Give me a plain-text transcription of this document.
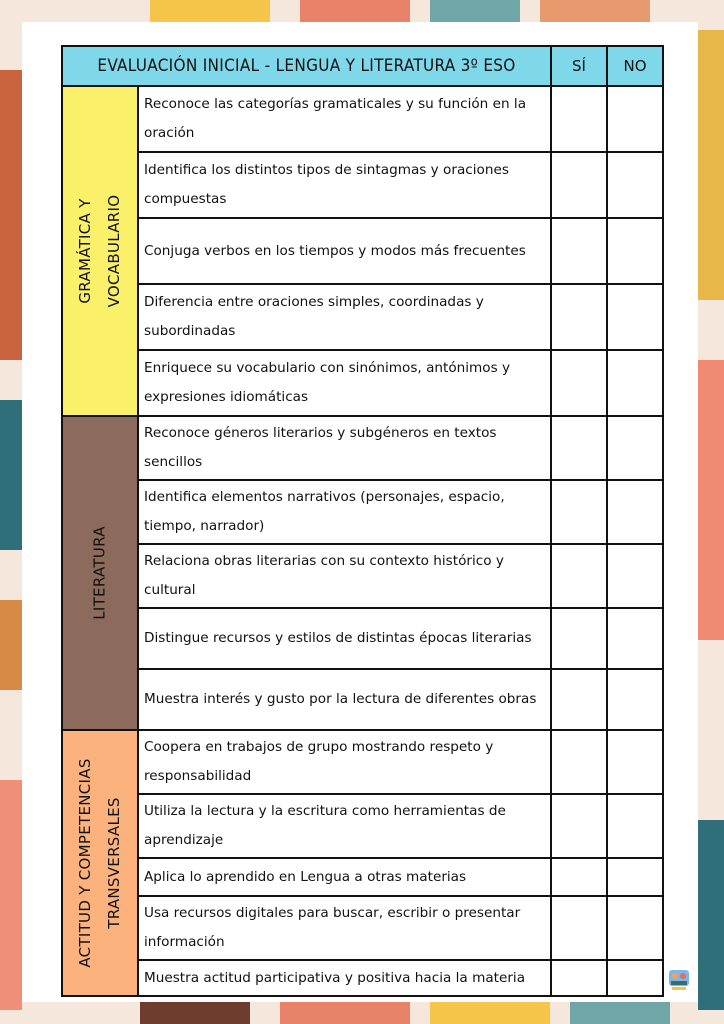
EVALUACIÓN INICIAL - LENGUA Y LITERATURA 3º ESO		SÍ	NO

GRAMÁTICA Y VOCABULARIO	Reconoce las categorías gramaticales y su función en la oración		
	Identifica los distintos tipos de sintagmas y oraciones compuestas		
	Conjuga verbos en los tiempos y modos más frecuentes		
	Diferencia entre oraciones simples, coordinadas y subordinadas		
	Enriquece su vocabulario con sinónimos, antónimos y expresiones idiomáticas		

LITERATURA	Reconoce géneros literarios y subgéneros en textos sencillos		
	Identifica elementos narrativos (personajes, espacio, tiempo, narrador)		
	Relaciona obras literarias con su contexto histórico y cultural		
	Distingue recursos y estilos de distintas épocas literarias		
	Muestra interés y gusto por la lectura de diferentes obras		

ACTITUD Y COMPETENCIAS TRANSVERSALES	Coopera en trabajos de grupo mostrando respeto y responsabilidad		
	Utiliza la lectura y la escritura como herramientas de aprendizaje		
	Aplica lo aprendido en Lengua a otras materias		
	Usa recursos digitales para buscar, escribir o presentar información		
	Muestra actitud participativa y positiva hacia la materia		
